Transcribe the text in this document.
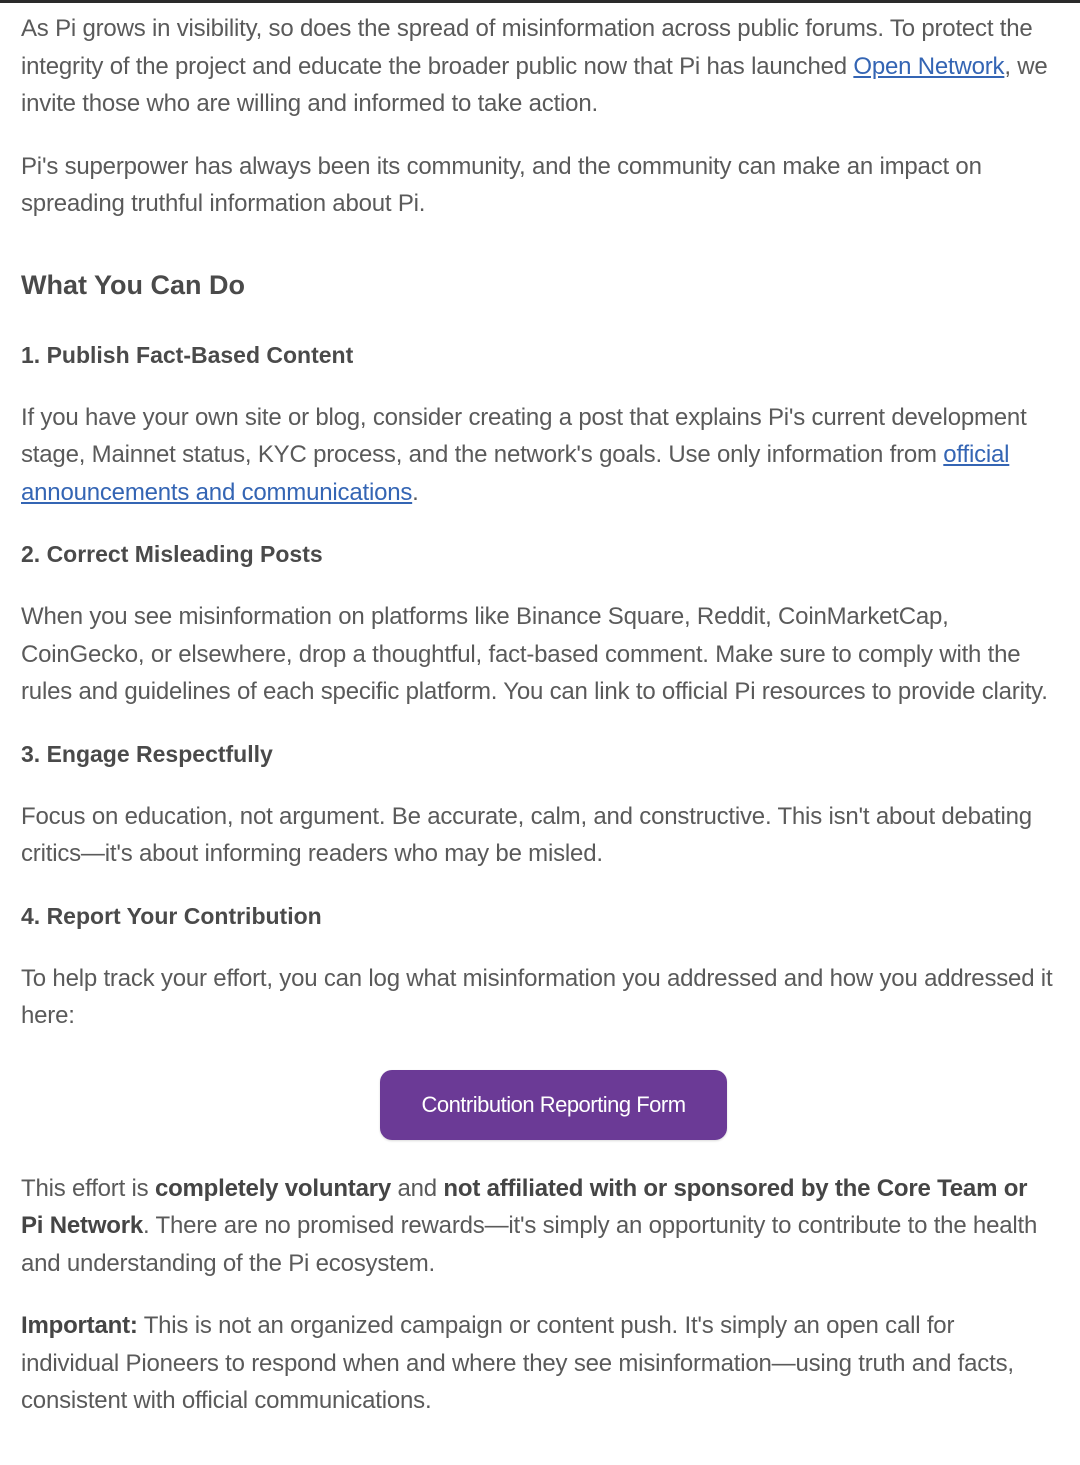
As Pi grows in visibility, so does the spread of misinformation across public forums. To protect the integrity of the project and educate the broader public now that Pi has launched Open Network, we invite those who are willing and informed to take action.

Pi's superpower has always been its community, and the community can make an impact on spreading truthful information about Pi.

What You Can Do
1. Publish Fact-Based Content

If you have your own site or blog, consider creating a post that explains Pi's current development stage, Mainnet status, KYC process, and the network's goals. Use only information from official announcements and communications.

2. Correct Misleading Posts

When you see misinformation on platforms like Binance Square, Reddit, CoinMarketCap, CoinGecko, or elsewhere, drop a thoughtful, fact-based comment. Make sure to comply with the rules and guidelines of each specific platform. You can link to official Pi resources to provide clarity.

3. Engage Respectfully

Focus on education, not argument. Be accurate, calm, and constructive. This isn't about debating critics—it's about informing readers who may be misled.

4. Report Your Contribution

To help track your effort, you can log what misinformation you addressed and how you addressed it here:

Contribution Reporting Form

This effort is completely voluntary and not affiliated with or sponsored by the Core Team or Pi Network. There are no promised rewards—it's simply an opportunity to contribute to the health and understanding of the Pi ecosystem.

Important: This is not an organized campaign or content push. It's simply an open call for individual Pioneers to respond when and where they see misinformation—using truth and facts, consistent with official communications.
